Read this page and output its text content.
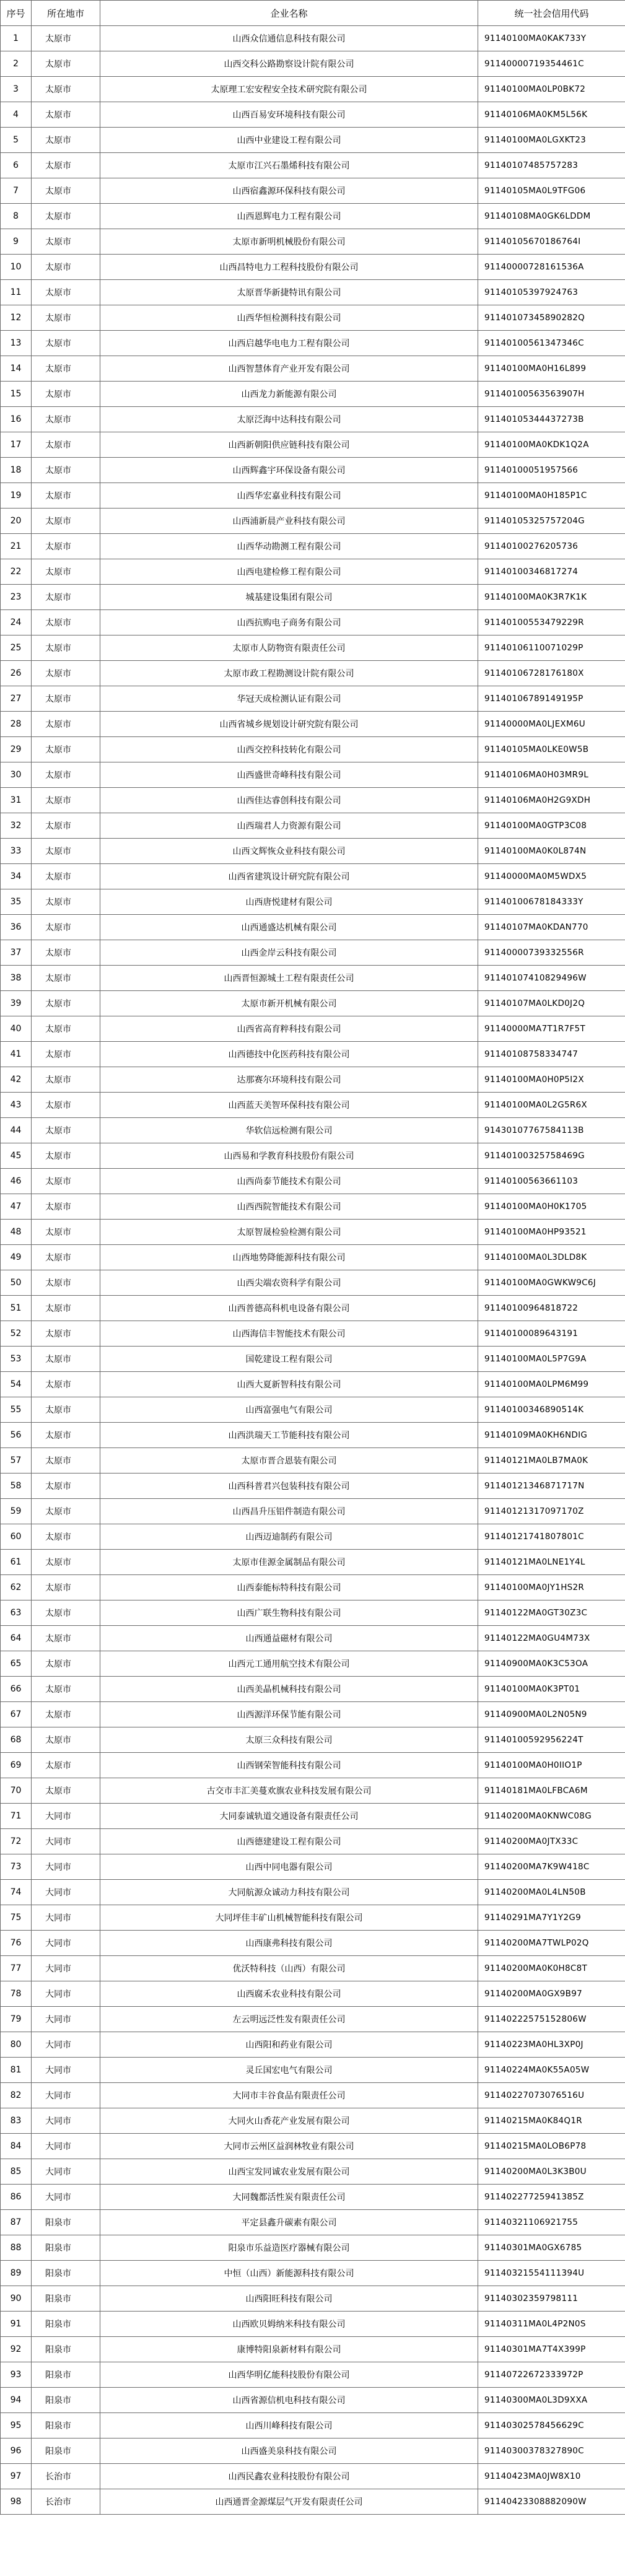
序号	所在地市	企业名称	统一社会信用代码
1	太原市	山西众信通信息科技有限公司	91140100MA0KAK733Y
2	太原市	山西交科公路勘察设计院有限公司	91140000719354461C
3	太原市	太原理工宏安程安全技术研究院有限公司	91140100MA0LP0BK72
4	太原市	山西百易安环境科技有限公司	91140106MA0KM5L56K
5	太原市	山西中业建设工程有限公司	91140100MA0LGXKT23
6	太原市	太原市江兴石墨烯科技有限公司	91140107485757283
7	太原市	山西宿鑫源环保科技有限公司	91140105MA0L9TFG06
8	太原市	山西恩辉电力工程有限公司	91140108MA0GK6LDDM
9	太原市	太原市新明机械股份有限公司	91140105670186764I
10	太原市	山西昌特电力工程科技股份有限公司	91140000728161536A
11	太原市	太原晋华新捷特讯有限公司	91140105397924763
12	太原市	山西华恒检测科技有限公司	91140107345890282Q
13	太原市	山西启越华电电力工程有限公司	91140100561347346C
14	太原市	山西智慧体育产业开发有限公司	91140100MA0H16L899
15	太原市	山西龙力新能源有限公司	91140100563563907H
16	太原市	太原泛海中达科技有限公司	91140105344437273B
17	太原市	山西新朝阳供应链科技有限公司	91140100MA0KDK1Q2A
18	太原市	山西辉鑫宇环保设备有限公司	91140100051957566
19	太原市	山西华宏嘉业科技有限公司	91140100MA0H185P1C
20	太原市	山西浦新晨产业科技有限公司	91140105325757204G
21	太原市	山西华动勘测工程有限公司	91140100276205736
22	太原市	山西电建检修工程有限公司	91140100346817274
23	太原市	城基建设集团有限公司	91140100MA0K3R7K1K
24	太原市	山西抗购电子商务有限公司	91140100553479229R
25	太原市	太原市人防物资有限责任公司	91140106110071029P
26	太原市	太原市政工程勘测设计院有限公司	91140106728176180X
27	太原市	华冠天成检测认证有限公司	91140106789149195P
28	太原市	山西省城乡规划设计研究院有限公司	91140000MA0LJEXM6U
29	太原市	山西交控科技转化有限公司	91140105MA0LKE0W5B
30	太原市	山西盛世奇峰科技有限公司	91140106MA0H03MR9L
31	太原市	山西佳达睿创科技有限公司	91140106MA0H2G9XDH
32	太原市	山西瑞君人力资源有限公司	91140100MA0GTP3C08
33	太原市	山西文辉恢众业科技有限公司	91140100MA0K0L874N
34	太原市	山西省建筑设计研究院有限公司	91140000MA0M5WDX5
35	太原市	山西唐悦建材有限公司	91140100678184333Y
36	太原市	山西通盛达机械有限公司	91140107MA0KDAN770
37	太原市	山西金岸云科技有限公司	91140000739332556R
38	太原市	山西晋恒源城土工程有限责任公司	91140107410829496W
39	太原市	太原市新开机械有限公司	91140107MA0LKD0J2Q
40	太原市	山西省高育粹科技有限公司	91140000MA7T1R7F5T
41	太原市	山西德技中化医药科技有限公司	91140108758334747
42	太原市	达那赛尔环境科技有限公司	91140100MA0H0P5I2X
43	太原市	山西蓝天美智环保科技有限公司	91140100MA0L2G5R6X
44	太原市	华软信远检测有限公司	91430107767584113B
45	太原市	山西易和学教育科技股份有限公司	91140100325758469G
46	太原市	山西尚泰节能技术有限公司	91140100563661103
47	太原市	山西西院智能技术有限公司	91140100MA0H0K1705
48	太原市	太原智晟检验检测有限公司	91140100MA0HP93521
49	太原市	山西地势降能源科技有限公司	91140100MA0L3DLD8K
50	太原市	山西尖端农资科学有限公司	91140100MA0GWKW9C6J
51	太原市	山西普德高科机电设备有限公司	91140100964818722
52	太原市	山西海信丰智能技术有限公司	91140100089643191
53	太原市	国乾建设工程有限公司	91140100MA0L5P7G9A
54	太原市	山西大夏新智科技有限公司	91140100MA0LPM6M99
55	太原市	山西富强电气有限公司	91140100346890514K
56	太原市	山西洪瑞天工节能科技有限公司	91140109MA0KH6NDIG
57	太原市	太原市晋合恩装有限公司	91140121MA0LB7MA0K
58	太原市	山西科普君兴包装科技有限公司	91140121346871717N
59	太原市	山西昌升压铝件制造有限公司	91140121317097170Z
60	太原市	山西迈迪制药有限公司	91140121741807801C
61	太原市	太原市佳源金属制品有限公司	91140121MA0LNE1Y4L
62	太原市	山西泰能标特科技有限公司	91140100MA0JY1HS2R
63	太原市	山西广联生物科技有限公司	91140122MA0GT30Z3C
64	太原市	山西通益磁材有限公司	91140122MA0GU4M73X
65	太原市	山西元工通用航空技术有限公司	91140900MA0K3C53OA
66	太原市	山西美晶机械科技有限公司	91140100MA0K3PT01
67	太原市	山西源洋环保节能有限公司	91140900MA0L2N05N9
68	太原市	太原三众科技有限公司	91140100592956224T
69	太原市	山西钢荣智能科技有限公司	91140100MA0H0IIO1P
70	太原市	古交市丰汇美蔓欢旗农业科技发展有限公司	91140181MA0LFBCA6M
71	大同市	大同泰诚轨道交通设备有限责任公司	91140200MA0KNWC08G
72	大同市	山西德建建设工程有限公司	91140200MA0JTX33C
73	大同市	山西中同电器有限公司	91140200MA7K9W418C
74	大同市	大同航源众诚动力科技有限公司	91140200MA0L4LN50B
75	大同市	大同坪佳丰矿山机械智能科技有限公司	91140291MA7Y1Y2G9
76	大同市	山西康弗科技有限公司	91140200MA7TWLP02Q
77	大同市	优沃特科技（山西）有限公司	91140200MA0K0H8C8T
78	大同市	山西腐禾农业科技有限公司	91140200MA0GX9B97
79	大同市	左云明远泛性发有限责任公司	91140222575152806W
80	大同市	山西阳和药业有限公司	91140223MA0HL3XP0J
81	大同市	灵丘国宏电气有限公司	91140224MA0K55A05W
82	大同市	大同市丰谷食品有限责任公司	91140227073076516U
83	大同市	大同火山香花产业发展有限公司	91140215MA0K84Q1R
84	大同市	大同市云州区益润林牧业有限公司	91140215MA0LOB6P78
85	大同市	山西宝发同诚农业发展有限公司	91140200MA0L3K3B0U
86	大同市	大同魏都活性炭有限责任公司	91140227725941385Z
87	阳泉市	平定县鑫升碳素有限公司	91140321106921755
88	阳泉市	阳泉市乐益造医疗器械有限公司	91140301MA0GX6785
89	阳泉市	中恒（山西）新能源科技有限公司	91140321554111394U
90	阳泉市	山西阳旺科技有限公司	91140302359798111
91	阳泉市	山西欧贝姆纳米科技有限公司	91140311MA0L4P2N0S
92	阳泉市	康博特阳泉新材料有限公司	91140301MA7T4X399P
93	阳泉市	山西华明亿能科技股份有限公司	91140722672333972P
94	阳泉市	山西省源信机电科技有限公司	91140300MA0L3D9XXA
95	阳泉市	山西川峰科技有限公司	91140302578456629C
96	阳泉市	山西盛美泉科技有限公司	91140300378327890C
97	长治市	山西民鑫农业科技股份有限公司	91140423MA0JW8X10
98	长治市	山西通晋金源煤层气开发有限责任公司	91140423308882090W
